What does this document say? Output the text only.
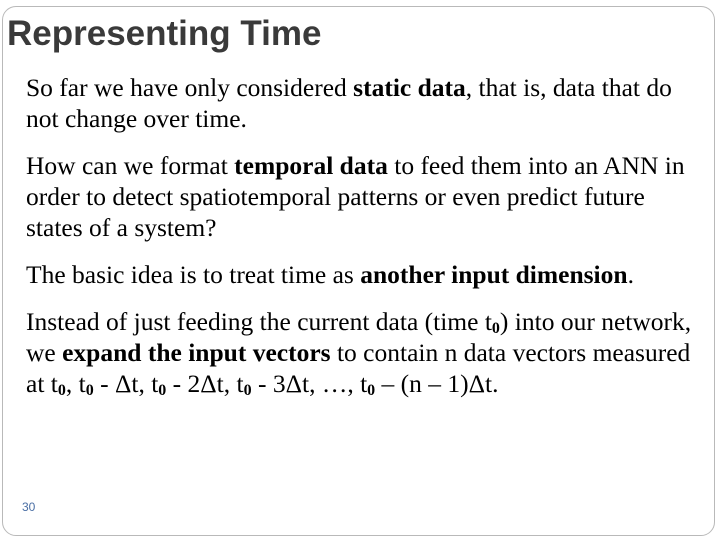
Representing Time

So far we have only considered static data, that is, data that do not change over time.

How can we format temporal data to feed them into an ANN in order to detect spatiotemporal patterns or even predict future states of a system?

The basic idea is to treat time as another input dimension.

Instead of just feeding the current data (time $t_0$) into our network, we expand the input vectors to contain n data vectors measured at $t_0$, $t_0$ - Δt, $t_0 - 2\Delta t$, $t_0 - 3\Delta t$, …, $t_0 - (n - 1)\Delta t$.

30
